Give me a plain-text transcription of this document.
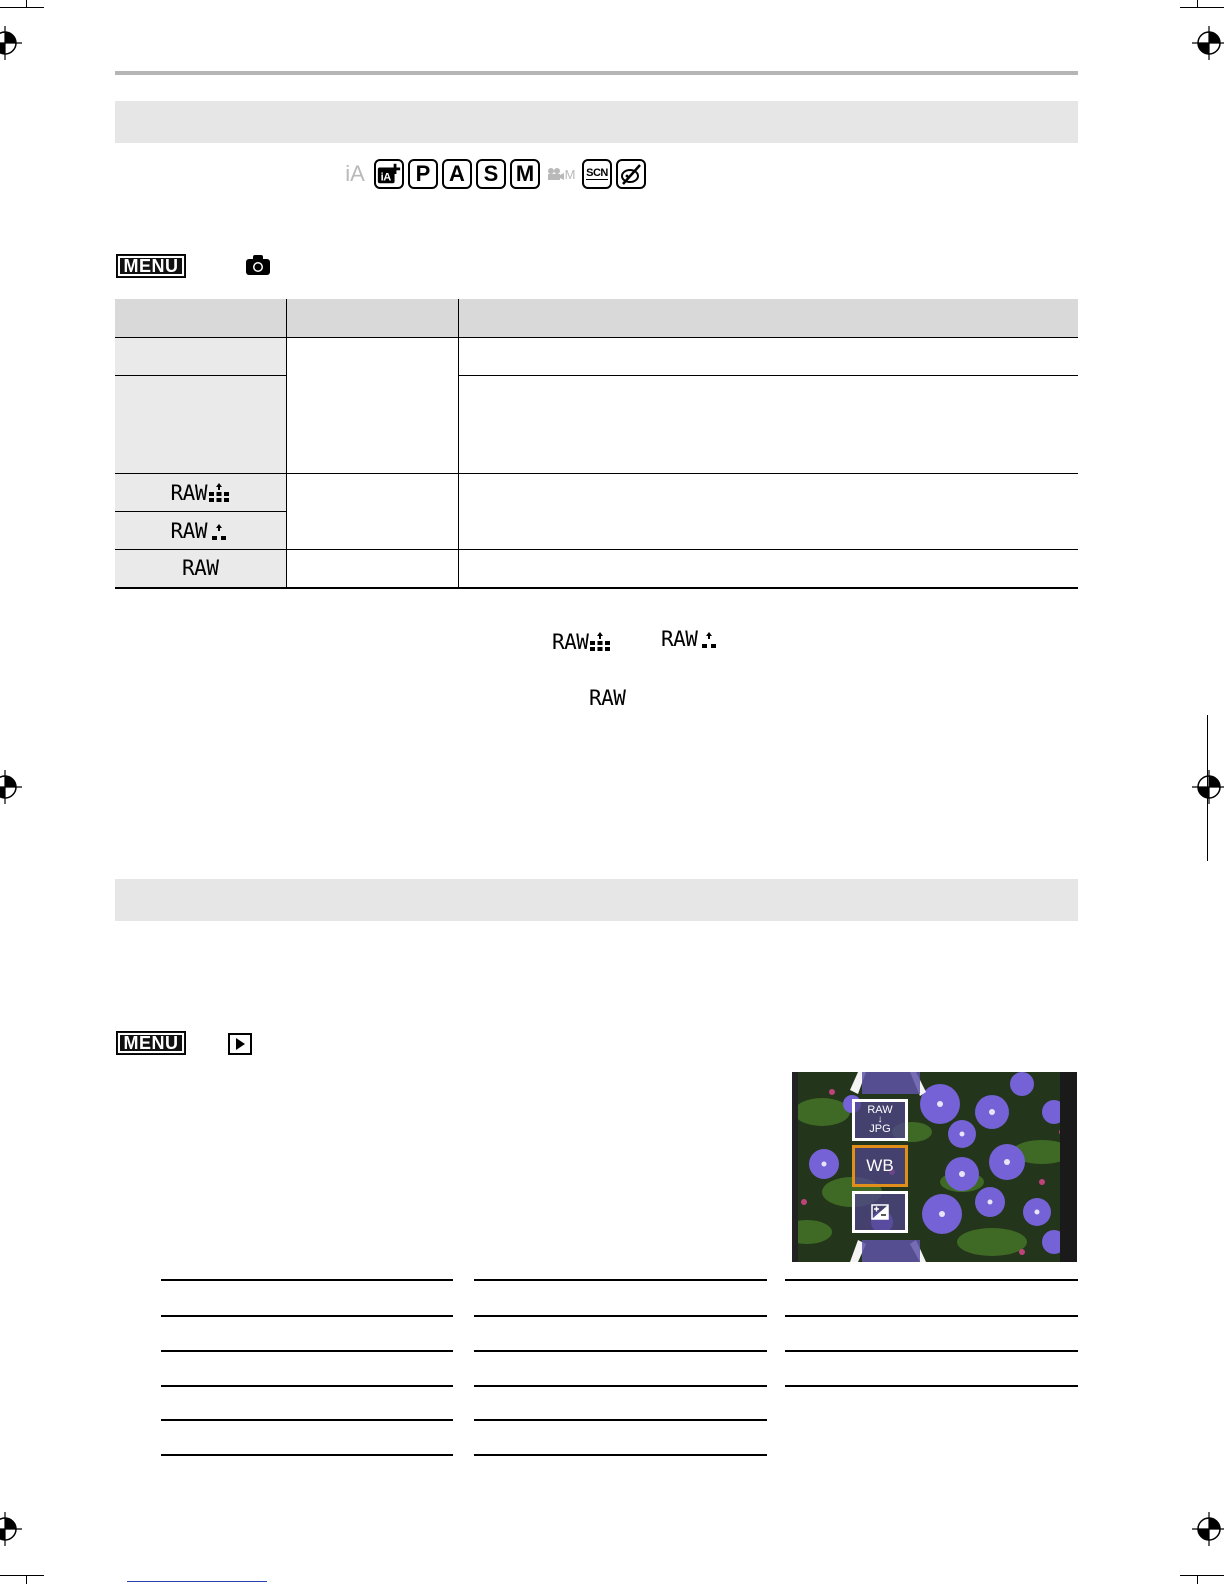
iA	iA	P A S M	M SCN
MENU

RAW		

RAW		

RAW		
RAW	RAW
RAW
MENU
RAW
↓
JPG
WB
